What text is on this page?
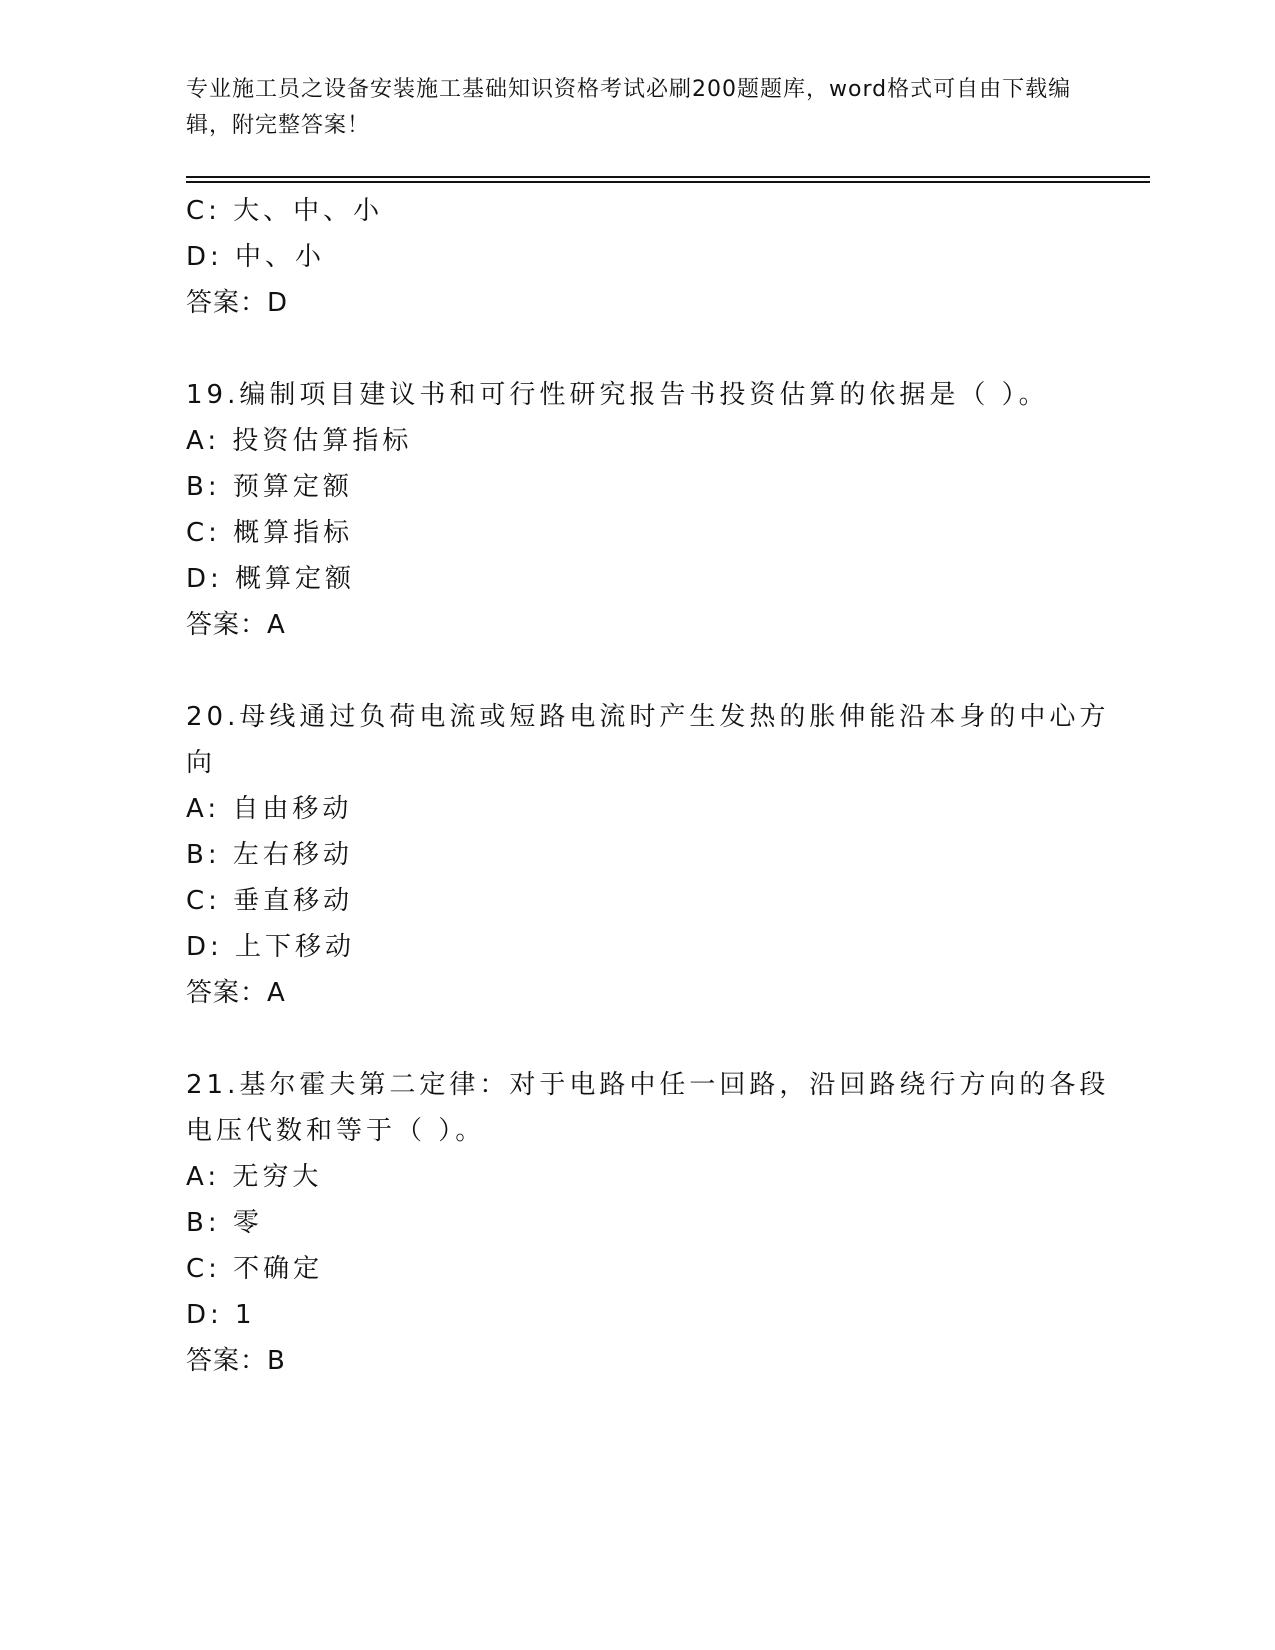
专业施工员之设备安装施工基础知识资格考试必刷200题题库，word格式可自由下载编辑，附完整答案！
C: 大、中、小
D: 中、小
答案：D
19.编制项目建议书和可行性研究报告书投资估算的依据是（ ）。
A: 投资估算指标
B: 预算定额
C: 概算指标
D: 概算定额
答案：A
20.母线通过负荷电流或短路电流时产生发热的胀伸能沿本身的中心方
向
A: 自由移动
B: 左右移动
C: 垂直移动
D: 上下移动
答案：A
21.基尔霍夫第二定律：对于电路中任一回路，沿回路绕行方向的各段
电压代数和等于（ ）。
A: 无穷大
B: 零
C: 不确定
D: 1
答案：B
